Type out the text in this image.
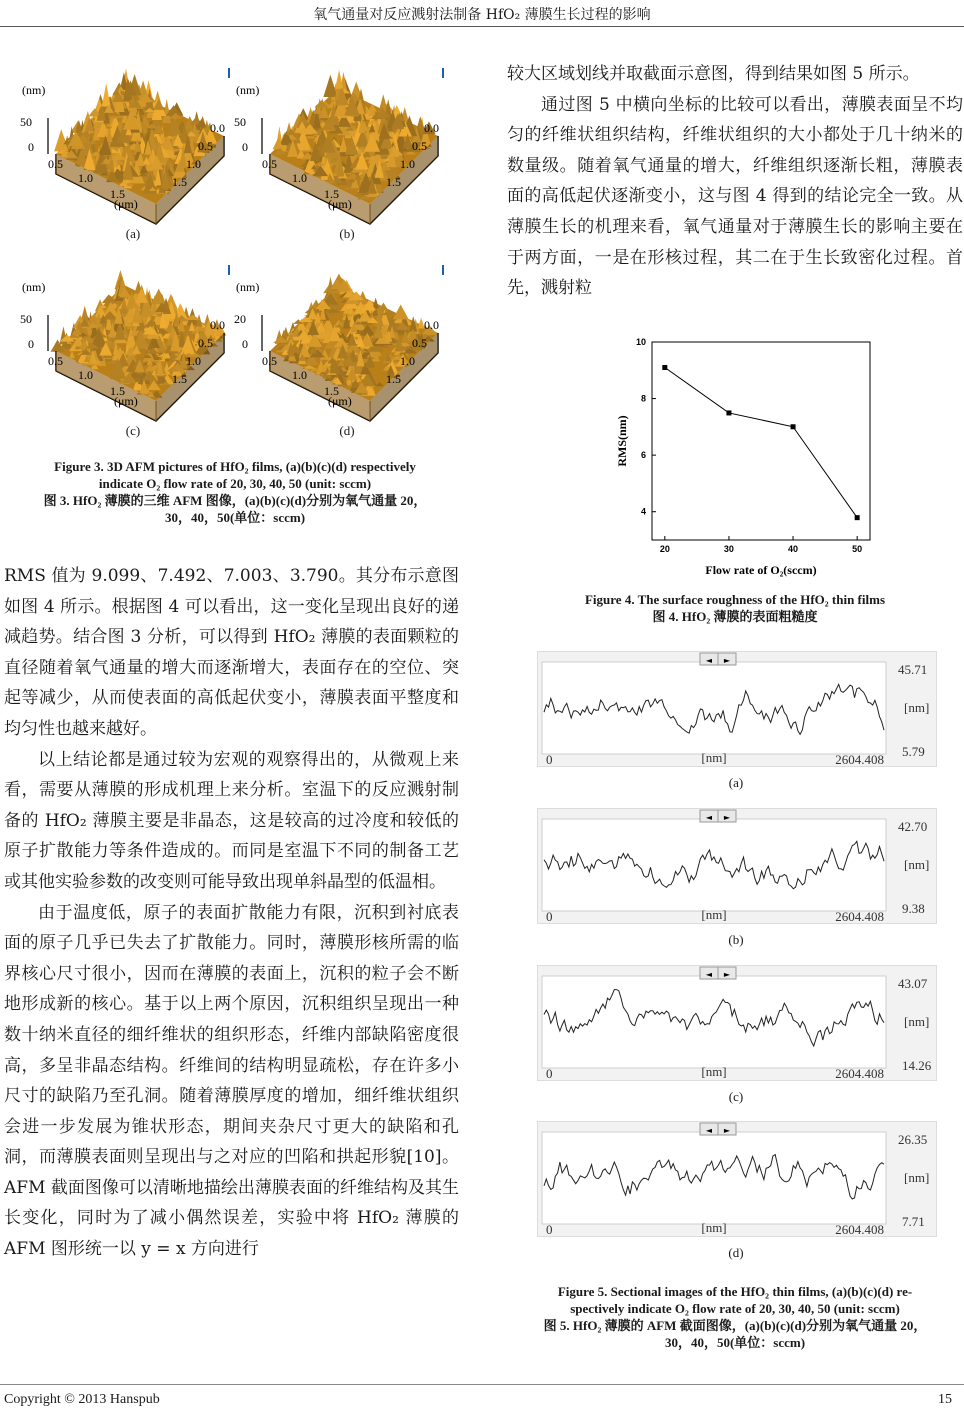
氧气通量对反应溅射法制备 HfO₂ 薄膜生长过程的影响
(nm)
50
0
0.5
1.0
1.5
0.0
0.5
1.0
1.5
(μm)
(a)
(nm)
50
0
0.5
1.0
1.5
0.0
0.5
1.0
1.5
(μm)
(b)
(nm)
50
0
0.5
1.0
1.5
0.0
0.5
1.0
1.5
(μm)
(c)
(nm)
20
0
0.5
1.0
1.5
0.0
0.5
1.0
1.5
(μm)
(d)
Figure 3. 3D AFM pictures of HfO₂ films, (a)(b)(c)(d) respectively
indicate O₂ flow rate of 20, 30, 40, 50 (unit: sccm)
图 3. HfO₂ 薄膜的三维 AFM 图像，(a)(b)(c)(d)分别为氧气通量 20，
30，40，50(单位：sccm)

RMS 值为 9.099、7.492、7.003、3.790。其分布示意图如图 4 所示。根据图 4 可以看出，这一变化呈现出良好的递减趋势。结合图 3 分析，可以得到 HfO₂ 薄膜的表面颗粒的直径随着氧气通量的增大而逐渐增大，表面存在的空位、突起等减少，从而使表面的高低起伏变小，薄膜表面平整度和均匀性也越来越好。

以上结论都是通过较为宏观的观察得出的，从微观上来看，需要从薄膜的形成机理上来分析。室温下的反应溅射制备的 HfO₂ 薄膜主要是非晶态，这是较高的过冷度和较低的原子扩散能力等条件造成的。而同是室温下不同的制备工艺或其他实验参数的改变则可能导致出现单斜晶型的低温相。

由于温度低，原子的表面扩散能力有限，沉积到衬底表面的原子几乎已失去了扩散能力。同时，薄膜形核所需的临界核心尺寸很小，因而在薄膜的表面上，沉积的粒子会不断地形成新的核心。基于以上两个原因，沉积组织呈现出一种数十纳米直径的细纤维状的组织形态，纤维内部缺陷密度很高，多呈非晶态结构。纤维间的结构明显疏松，存在许多小尺寸的缺陷乃至孔洞。随着薄膜厚度的增加，细纤维状组织会进一步发展为锥状形态，期间夹杂尺寸更大的缺陷和孔洞，而薄膜表面则呈现出与之对应的凹陷和拱起形貌[10]。AFM 截面图像可以清晰地描绘出薄膜表面的纤维结构及其生长变化，同时为了减小偶然误差，实验中将 HfO₂ 薄膜的 AFM 图形统一以 y = x 方向进行

较大区域划线并取截面示意图，得到结果如图 5 所示。

通过图 5 中横向坐标的比较可以看出，薄膜表面呈不均匀的纤维状组织结构，纤维状组织的大小都处于几十纳米的数量级。随着氧气通量的增大，纤维组织逐渐长粗，薄膜表面的高低起伏逐渐变小，这与图 4 得到的结论完全一致。从薄膜生长的机理来看，氧气通量对于薄膜生长的影响主要在于两方面，一是在形核过程，其二在于生长致密化过程。首先，溅射粒

20	30	40	50
4
6
8
10
Flow rate of O₂(sccm)
RMS(nm)
Figure 4. The surface roughness of the HfO₂ thin films
图 4. HfO₂ 薄膜的表面粗糙度
◄ ►
45.71
[nm]
5.79
0	[nm]	2604.408
(a)
◄ ►
42.70
[nm]
9.38
0	[nm]	2604.408
(b)
◄ ►
43.07
[nm]
14.26
0	[nm]	2604.408
(c)
◄ ►
26.35
[nm]
7.71
0	[nm]	2604.408
(d)
Figure 5. Sectional images of the HfO₂ thin films, (a)(b)(c)(d) re-
spectively indicate O₂ flow rate of 20, 30, 40, 50 (unit: sccm)
图 5. HfO₂ 薄膜的 AFM 截面图像，(a)(b)(c)(d)分别为氧气通量 20，
30，40，50(单位：sccm)
Copyright © 2013 Hanspub	15
